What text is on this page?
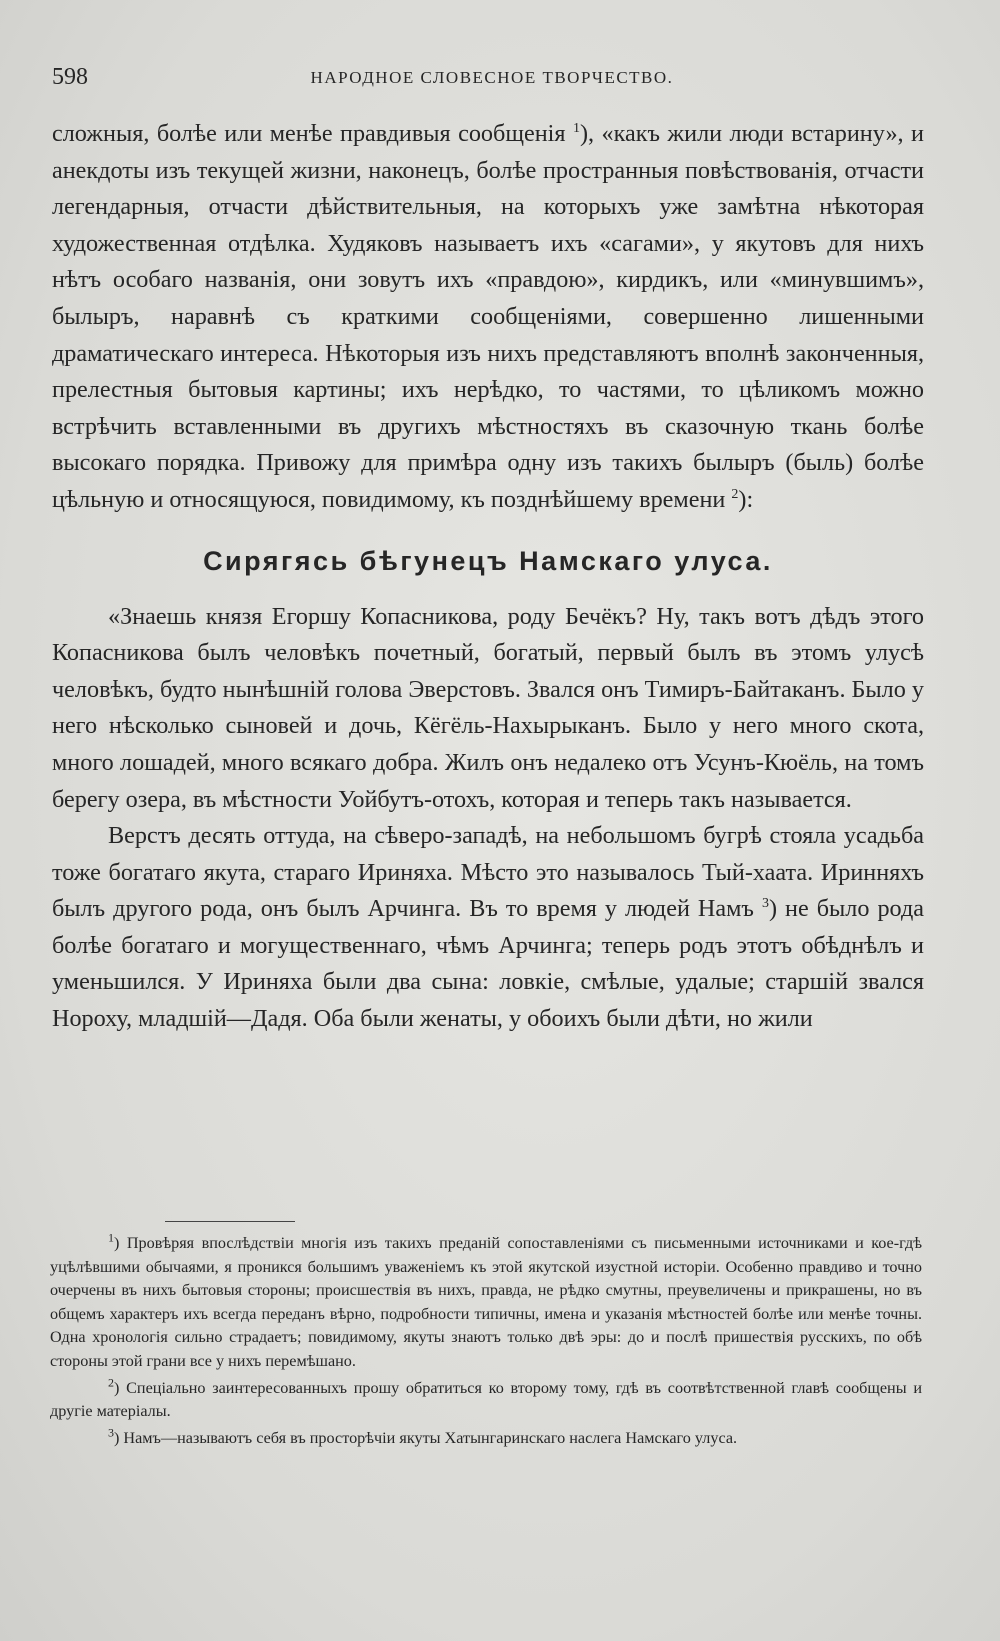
598	НАРОДНОЕ СЛОВЕСНОЕ ТВОРЧЕСТВО.

сложныя, болѣе или менѣе правдивыя сообщенія $^1$), «какъ жили люди встарину», и анекдоты изъ текущей жизни, наконецъ, болѣе пространныя повѣствованія, отчасти легендарныя, отчасти дѣйствительныя, на которыхъ уже замѣтна нѣкоторая художественная отдѣлка. Худяковъ называетъ ихъ «сагами», у якутовъ для нихъ нѣтъ особаго названія, они зовутъ ихъ «правдою», кирдикъ, или «минувшимъ», былыръ, наравнѣ съ краткими сообщеніями, совершенно лишенными драматическаго интереса. Нѣкоторыя изъ нихъ представляютъ вполнѣ законченныя, прелестныя бытовыя картины; ихъ нерѣдко, то частями, то цѣликомъ можно встрѣчить вставленными въ другихъ мѣстностяхъ въ сказочную ткань болѣе высокаго порядка. Привожу для примѣра одну изъ такихъ былыръ (быль) болѣе цѣльную и относящуюся, повидимому, къ позднѣйшему времени $^2$):

Сирягясь бѣгунецъ Намскаго улуса.

«Знаешь князя Егоршу Копасникова, роду Бечёкъ? Ну, такъ вотъ дѣдъ этого Копасникова былъ человѣкъ почетный, богатый, первый былъ въ этомъ улусѣ человѣкъ, будто нынѣшній голова Эверстовъ. Звался онъ Тимиръ-Байтаканъ. Было у него нѣсколько сыновей и дочь, Кёгёль-Нахырыканъ. Было у него много скота, много лошадей, много всякаго добра. Жилъ онъ недалеко отъ Усунъ-Кюёль, на томъ берегу озера, въ мѣстности Уойбутъ-отохъ, которая и теперь такъ называется.

Верстъ десять оттуда, на сѣверо-западѣ, на небольшомъ бугрѣ стояла усадьба тоже богатаго якута, стараго Ириняха. Мѣсто это называлось Тый-хаата. Иринняхъ былъ другого рода, онъ былъ Арчинга. Въ то время у людей Намъ $^3$) не было рода болѣе богатаго и могущественнаго, чѣмъ Арчинга; теперь родъ этотъ обѣднѣлъ и уменьшился. У Ириняха были два сына: ловкіе, смѣлые, удалые; старшій звался Нороху, младшій—Дадя. Оба были женаты, у обоихъ были дѣти, но жили

$^1$) Провѣряя впослѣдствіи многія изъ такихъ преданій сопоставленіями съ письменными источниками и кое-гдѣ уцѣлѣвшими обычаями, я проникся большимъ уваженіемъ къ этой якутской изустной исторіи. Особенно правдиво и точно очерчены въ нихъ бытовыя стороны; происшествія въ нихъ, правда, не рѣдко смутны, преувеличены и прикрашены, но въ общемъ характеръ ихъ всегда переданъ вѣрно, подробности типичны, имена и указанія мѣстностей болѣе или менѣе точны. Одна хронологія сильно страдаетъ; повидимому, якуты знаютъ только двѣ эры: до и послѣ пришествія русскихъ, по обѣ стороны этой грани все у нихъ перемѣшано.

$^2$) Спеціально заинтересованныхъ прошу обратиться ко второму тому, гдѣ въ соотвѣтственной главѣ сообщены и другіе матеріалы.

$^3$) Намъ—называютъ себя въ просторѣчіи якуты Хатынгаринскаго наслега Намскаго улуса.
